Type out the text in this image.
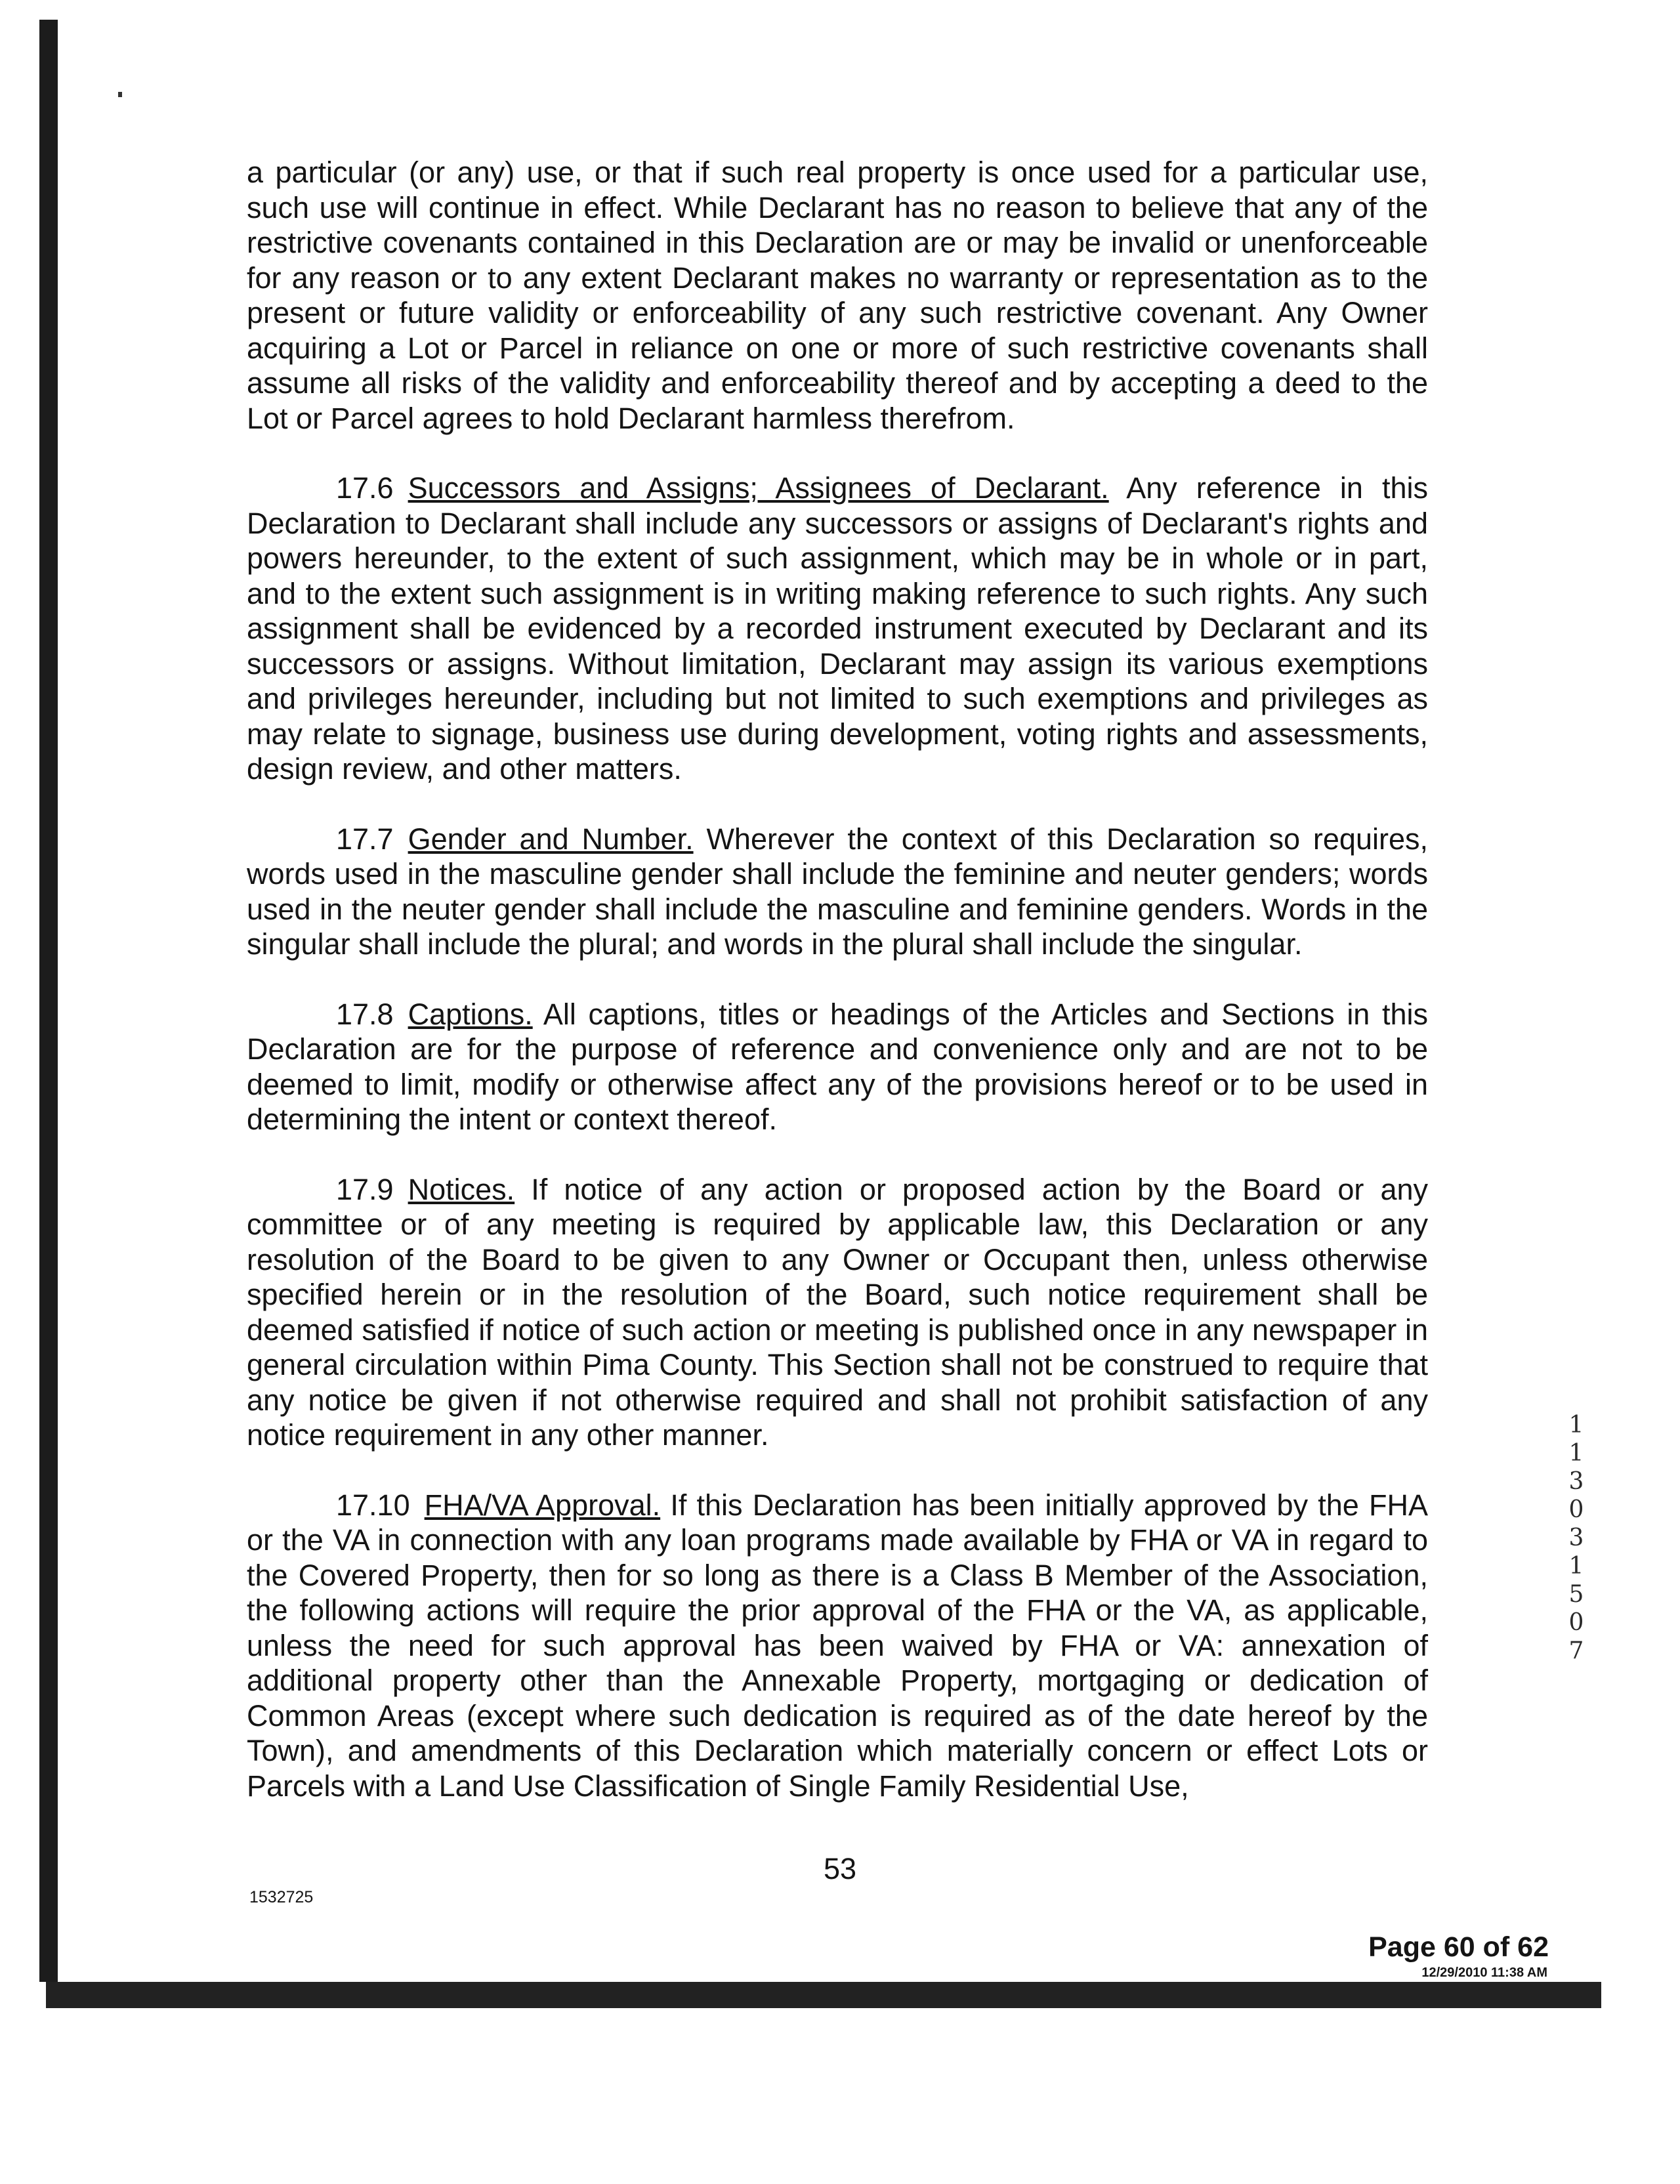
a particular (or any) use, or that if such real property is once used for a particular use, such use will continue in effect. While Declarant has no reason to believe that any of the restrictive covenants contained in this Declaration are or may be invalid or unenforceable for any reason or to any extent Declarant makes no warranty or representation as to the present or future validity or enforceability of any such restrictive covenant. Any Owner acquiring a Lot or Parcel in reliance on one or more of such restrictive covenants shall assume all risks of the validity and enforceability thereof and by accepting a deed to the Lot or Parcel agrees to hold Declarant harmless therefrom.

17.6 Successors and Assigns; Assignees of Declarant. Any reference in this Declaration to Declarant shall include any successors or assigns of Declarant's rights and powers hereunder, to the extent of such assignment, which may be in whole or in part, and to the extent such assignment is in writing making reference to such rights. Any such assignment shall be evidenced by a recorded instrument executed by Declarant and its successors or assigns. Without limitation, Declarant may assign its various exemptions and privileges hereunder, including but not limited to such exemptions and privileges as may relate to signage, business use during development, voting rights and assessments, design review, and other matters.

17.7 Gender and Number. Wherever the context of this Declaration so requires, words used in the masculine gender shall include the feminine and neuter genders; words used in the neuter gender shall include the masculine and feminine genders. Words in the singular shall include the plural; and words in the plural shall include the singular.

17.8 Captions. All captions, titles or headings of the Articles and Sections in this Declaration are for the purpose of reference and convenience only and are not to be deemed to limit, modify or otherwise affect any of the provisions hereof or to be used in determining the intent or context thereof.

17.9 Notices. If notice of any action or proposed action by the Board or any committee or of any meeting is required by applicable law, this Declaration or any resolution of the Board to be given to any Owner or Occupant then, unless otherwise specified herein or in the resolution of the Board, such notice requirement shall be deemed satisfied if notice of such action or meeting is published once in any newspaper in general circulation within Pima County. This Section shall not be construed to require that any notice be given if not otherwise required and shall not prohibit satisfaction of any notice requirement in any other manner.

17.10 FHA/VA Approval. If this Declaration has been initially approved by the FHA or the VA in connection with any loan programs made available by FHA or VA in regard to the Covered Property, then for so long as there is a Class B Member of the Association, the following actions will require the prior approval of the FHA or the VA, as applicable, unless the need for such approval has been waived by FHA or VA: annexation of additional property other than the Annexable Property, mortgaging or dedication of Common Areas (except where such dedication is required as of the date hereof by the Town), and amendments of this Declaration which materially concern or effect Lots or Parcels with a Land Use Classification of Single Family Residential Use,

11303 1507
53
1532725
Page 60 of 62
12/29/2010 11:38 AM
